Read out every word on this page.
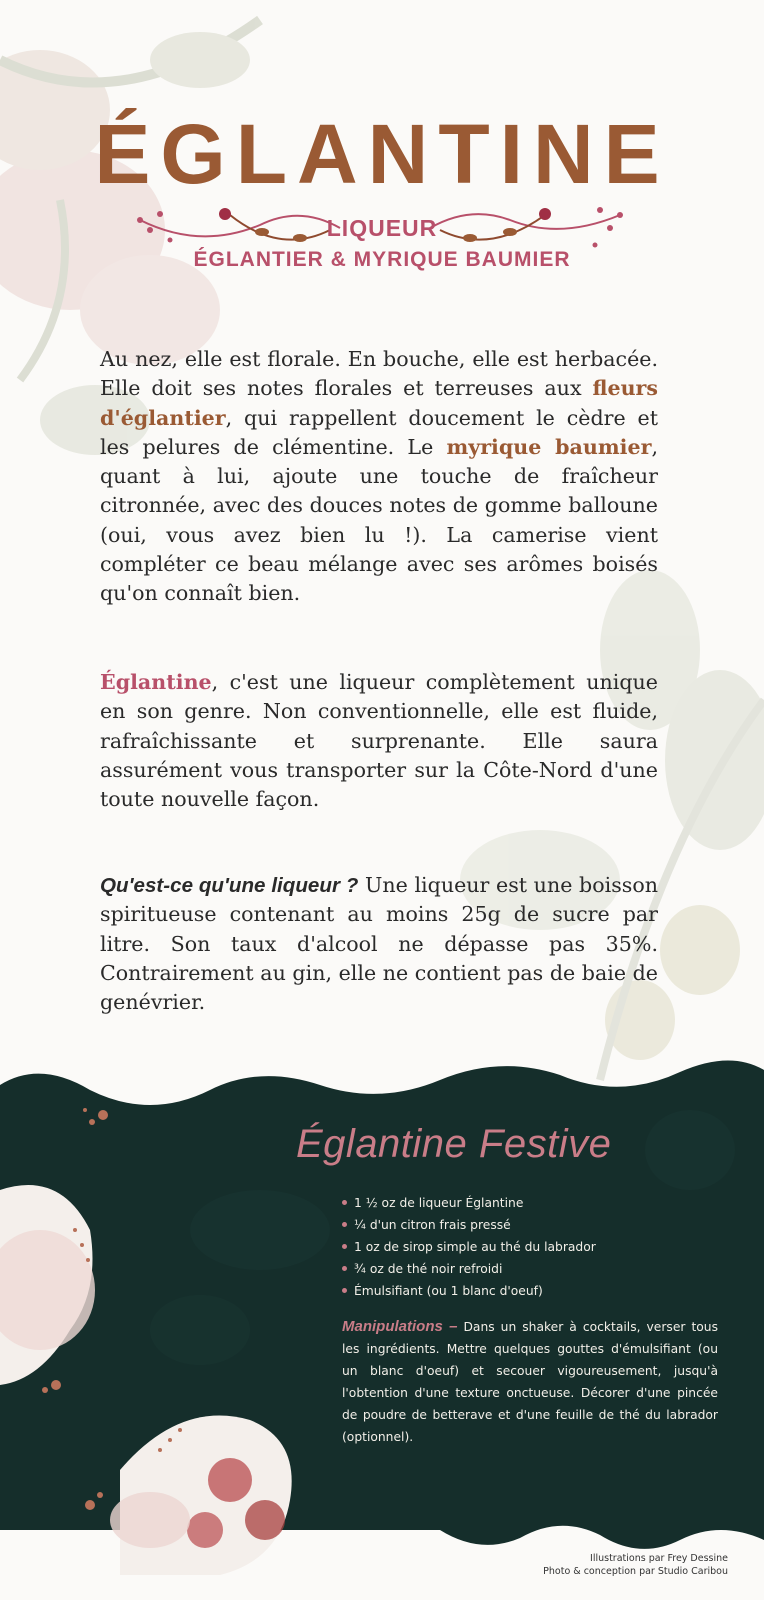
ÉGLANTINE
LIQUEUR
ÉGLANTIER & MYRIQUE BAUMIER

Au nez, elle est florale. En bouche, elle est herbacée. Elle doit ses notes florales et terreuses aux fleurs d'églantier, qui rappellent doucement le cèdre et les pelures de clémentine. Le myrique baumier, quant à lui, ajoute une touche de fraîcheur citronnée, avec des douces notes de gomme balloune (oui, vous avez bien lu !). La camerise vient compléter ce beau mélange avec ses arômes boisés qu'on connaît bien.

Églantine, c'est une liqueur complètement unique en son genre. Non conventionnelle, elle est fluide, rafraîchissante et surprenante. Elle saura assurément vous transporter sur la Côte-Nord d'une toute nouvelle façon.

Qu'est-ce qu'une liqueur ? Une liqueur est une boisson spiritueuse contenant au moins 25g de sucre par litre. Son taux d'alcool ne dépasse pas 35%. Contrairement au gin, elle ne contient pas de baie de genévrier.

Églantine Festive
1 ½ oz de liqueur Églantine
¼ d'un citron frais pressé
1 oz de sirop simple au thé du labrador
¾ oz de thé noir refroidi
Émulsifiant (ou 1 blanc d'oeuf)
Manipulations – Dans un shaker à cocktails, verser tous les ingrédients. Mettre quelques gouttes d'émulsifiant (ou un blanc d'oeuf) et secouer vigoureusement, jusqu'à l'obtention d'une texture onctueuse. Décorer d'une pincée de poudre de betterave et d'une feuille de thé du labrador (optionnel).
Illustrations par Frey Dessine
Photo & conception par Studio Caribou
